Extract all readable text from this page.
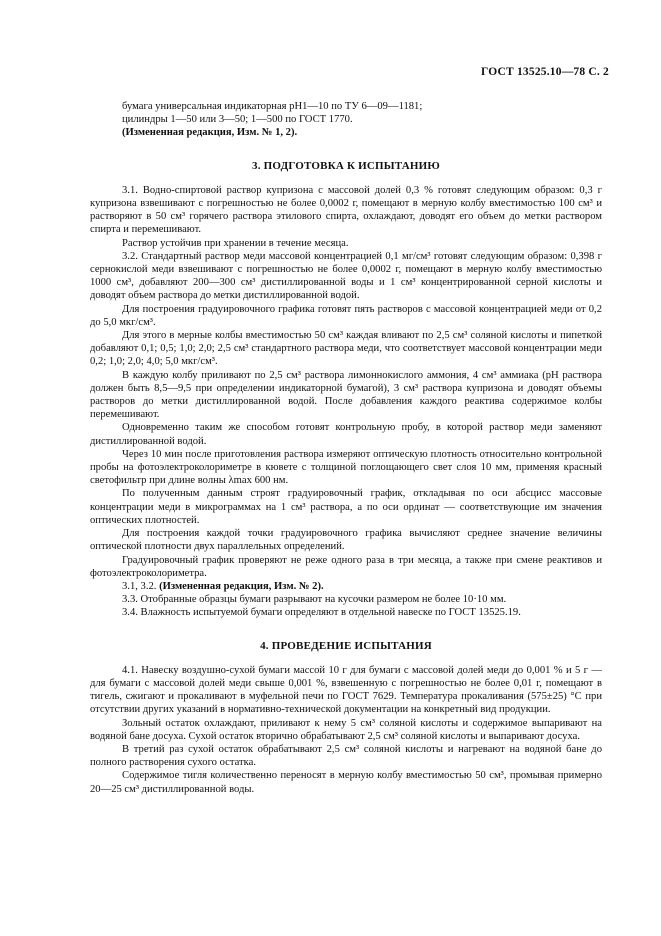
ГОСТ 13525.10—78 С. 2

бумага универсальная индикаторная pH1—10 по ТУ 6—09—1181;

цилиндры 1—50 или 3—50; 1—500 по ГОСТ 1770.

(Измененная редакция, Изм. № 1, 2).

3. ПОДГОТОВКА К ИСПЫТАНИЮ

3.1. Водно-спиртовой раствор купризона с массовой долей 0,3 % готовят следующим образом: 0,3 г купризона взвешивают с погрешностью не более 0,0002 г, помещают в мерную колбу вместимостью 100 см³ и растворяют в 50 см³ горячего раствора этилового спирта, охлаждают, доводят его объем до метки раствором спирта и перемешивают.

Раствор устойчив при хранении в течение месяца.

3.2. Стандартный раствор меди массовой концентрацией 0,1 мг/см³ готовят следующим образом: 0,398 г сернокислой меди взвешивают с погрешностью не более 0,0002 г, помещают в мерную колбу вместимостью 1000 см³, добавляют 200—300 см³ дистиллированной воды и 1 см³ концентрированной серной кислоты и доводят объем раствора до метки дистиллированной водой.

Для построения градуировочного графика готовят пять растворов с массовой концентрацией меди от 0,2 до 5,0 мкг/см³.

Для этого в мерные колбы вместимостью 50 см³ каждая вливают по 2,5 см³ соляной кислоты и пипеткой добавляют 0,1; 0,5; 1,0; 2,0; 2,5 см³ стандартного раствора меди, что соответствует массовой концентрации меди 0,2; 1,0; 2,0; 4,0; 5,0 мкг/см³.

В каждую колбу приливают по 2,5 см³ раствора лимоннокислого аммония, 4 см³ аммиака (pH раствора должен быть 8,5—9,5 при определении индикаторной бумагой), 3 см³ раствора купризона и доводят объемы растворов до метки дистиллированной водой. После добавления каждого реактива содержимое колбы перемешивают.

Одновременно таким же способом готовят контрольную пробу, в которой раствор меди заменяют дистиллированной водой.

Через 10 мин после приготовления раствора измеряют оптическую плотность относительно контрольной пробы на фотоэлектроколориметре в кювете с толщиной поглощающего свет слоя 10 мм, применяя красный светофильтр при длине волны λmax 600 нм.

По полученным данным строят градуировочный график, откладывая по оси абсцисс массовые концентрации меди в микрограммах на 1 см³ раствора, а по оси ординат — соответствующие им значения оптических плотностей.

Для построения каждой точки градуировочного графика вычисляют среднее значение величины оптической плотности двух параллельных определений.

Градуировочный график проверяют не реже одного раза в три месяца, а также при смене реактивов и фотоэлектроколориметра.

3.1, 3.2. (Измененная редакция, Изм. № 2).

3.3. Отобранные образцы бумаги разрывают на кусочки размером не более 10·10 мм.

3.4. Влажность испытуемой бумаги определяют в отдельной навеске по ГОСТ 13525.19.

4. ПРОВЕДЕНИЕ ИСПЫТАНИЯ

4.1. Навеску воздушно-сухой бумаги массой 10 г для бумаги с массовой долей меди до 0,001 % и 5 г — для бумаги с массовой долей меди свыше 0,001 %, взвешенную с погрешностью не более 0,01 г, помещают в тигель, сжигают и прокаливают в муфельной печи по ГОСТ 7629. Температура прокаливания (575±25) °С при отсутствии других указаний в нормативно-технической документации на конкретный вид продукции.

Зольный остаток охлаждают, приливают к нему 5 см³ соляной кислоты и содержимое выпаривают на водяной бане досуха. Сухой остаток вторично обрабатывают 2,5 см³ соляной кислоты и выпаривают досуха.

В третий раз сухой остаток обрабатывают 2,5 см³ соляной кислоты и нагревают на водяной бане до полного растворения сухого остатка.

Содержимое тигля количественно переносят в мерную колбу вместимостью 50 см³, промывая примерно 20—25 см³ дистиллированной воды.
